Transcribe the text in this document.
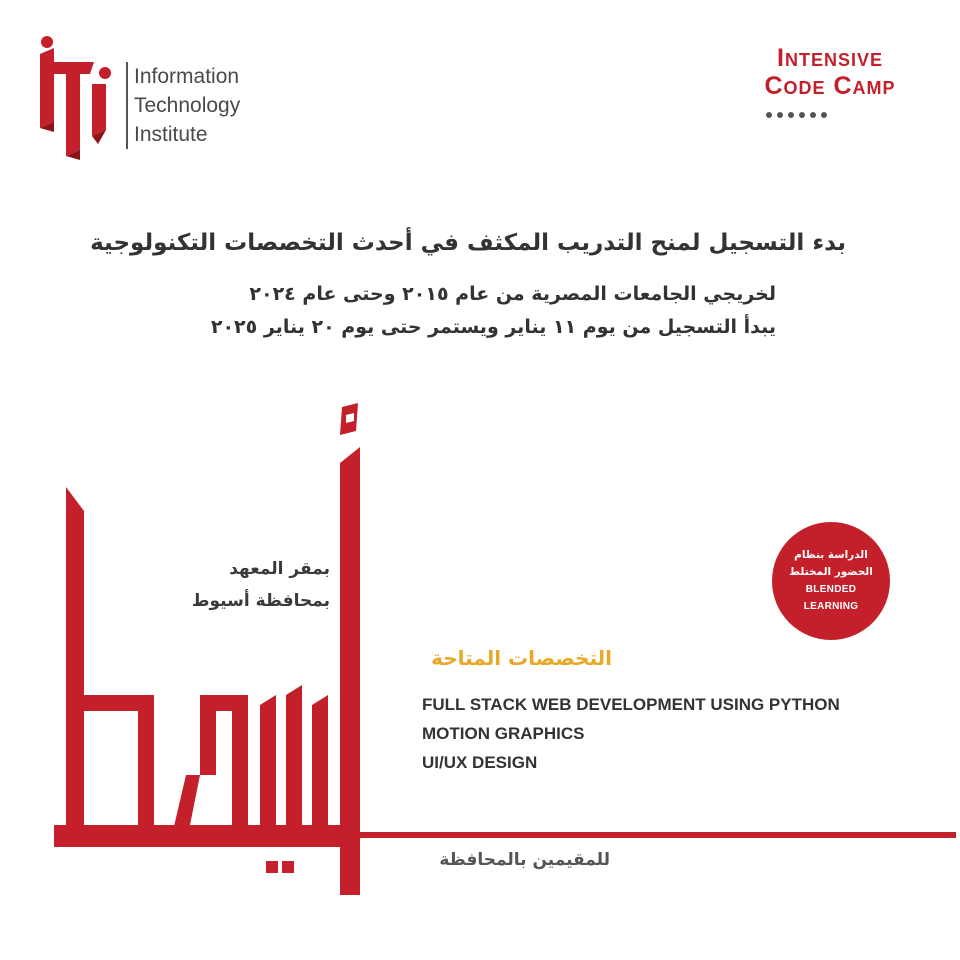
Information
Technology
Institute
Intensive
Code Camp
بدء التسجيل لمنح التدريب المكثف في أحدث التخصصات التكنولوجية
لخريجي الجامعات المصرية من عام ٢٠١٥ وحتى عام ٢٠٢٤
يبدأ التسجيل من يوم ١١ يناير ويستمر حتى يوم ٢٠ يناير ٢٠٢٥
بمقر المعهد
بمحافظة أسيوط
الدراسة بنظام
الحضور المختلط
BLENDED
LEARNING
التخصصات المتاحة
FULL STACK WEB DEVELOPMENT USING PYTHON
MOTION GRAPHICS
UI/UX DESIGN
للمقيمين بالمحافظة
